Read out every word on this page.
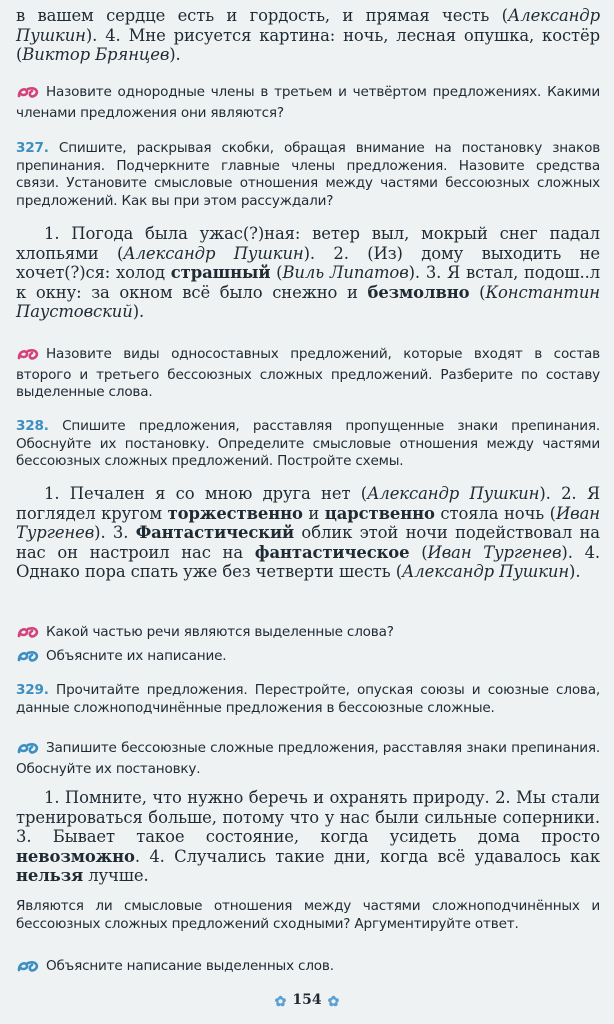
в вашем сердце есть и гордость, и прямая честь (Александр Пушкин). 4. Мне рисуется картина: ночь, лесная опушка, костёр (Виктор Брянцев).

Назовите однородные члены в третьем и четвёртом предложениях. Какими членами предложения они являются?

327. Спишите, раскрывая скобки, обращая внимание на постановку знаков препинания. Подчеркните главные члены предложения. Назовите средства связи. Установите смысловые отношения между частями бессоюзных сложных предложений. Как вы при этом рассуждали?

1. Погода была ужас(?)ная: ветер выл, мокрый снег падал хлопьями (Александр Пушкин). 2. (Из) дому выходить не хочет(?)ся: холод страшный (Виль Липатов). 3. Я встал, подош..л к окну: за окном всё было снежно и безмолвно (Константин Паустовский).

Назовите виды односоставных предложений, которые входят в состав второго и третьего бессоюзных сложных предложений. Разберите по составу выделенные слова.

328. Спишите предложения, расставляя пропущенные знаки препинания. Обоснуйте их постановку. Определите смысловые отношения между частями бессоюзных сложных предложений. Постройте схемы.

1. Печален я со мною друга нет (Александр Пушкин). 2. Я поглядел кругом торжественно и царственно стояла ночь (Иван Тургенев). 3. Фантастический облик этой ночи подействовал на нас он настроил нас на фантастическое (Иван Тургенев). 4. Однако пора спать уже без четверти шесть (Александр Пушкин).

Какой частью речи являются выделенные слова?

Объясните их написание.

329. Прочитайте предложения. Перестройте, опуская союзы и союзные слова, данные сложноподчинённые предложения в бессоюзные сложные.

Запишите бессоюзные сложные предложения, расставляя знаки препинания. Обоснуйте их постановку.

1. Помните, что нужно беречь и охранять природу. 2. Мы стали тренироваться больше, потому что у нас были сильные соперники. 3. Бывает такое состояние, когда усидеть дома просто невозможно. 4. Случались такие дни, когда всё удавалось как нельзя лучше.

Являются ли смысловые отношения между частями сложноподчинённых и бессоюзных сложных предложений сходными? Аргументируйте ответ.

Объясните написание выделенных слов.

✿ 154 ✿
